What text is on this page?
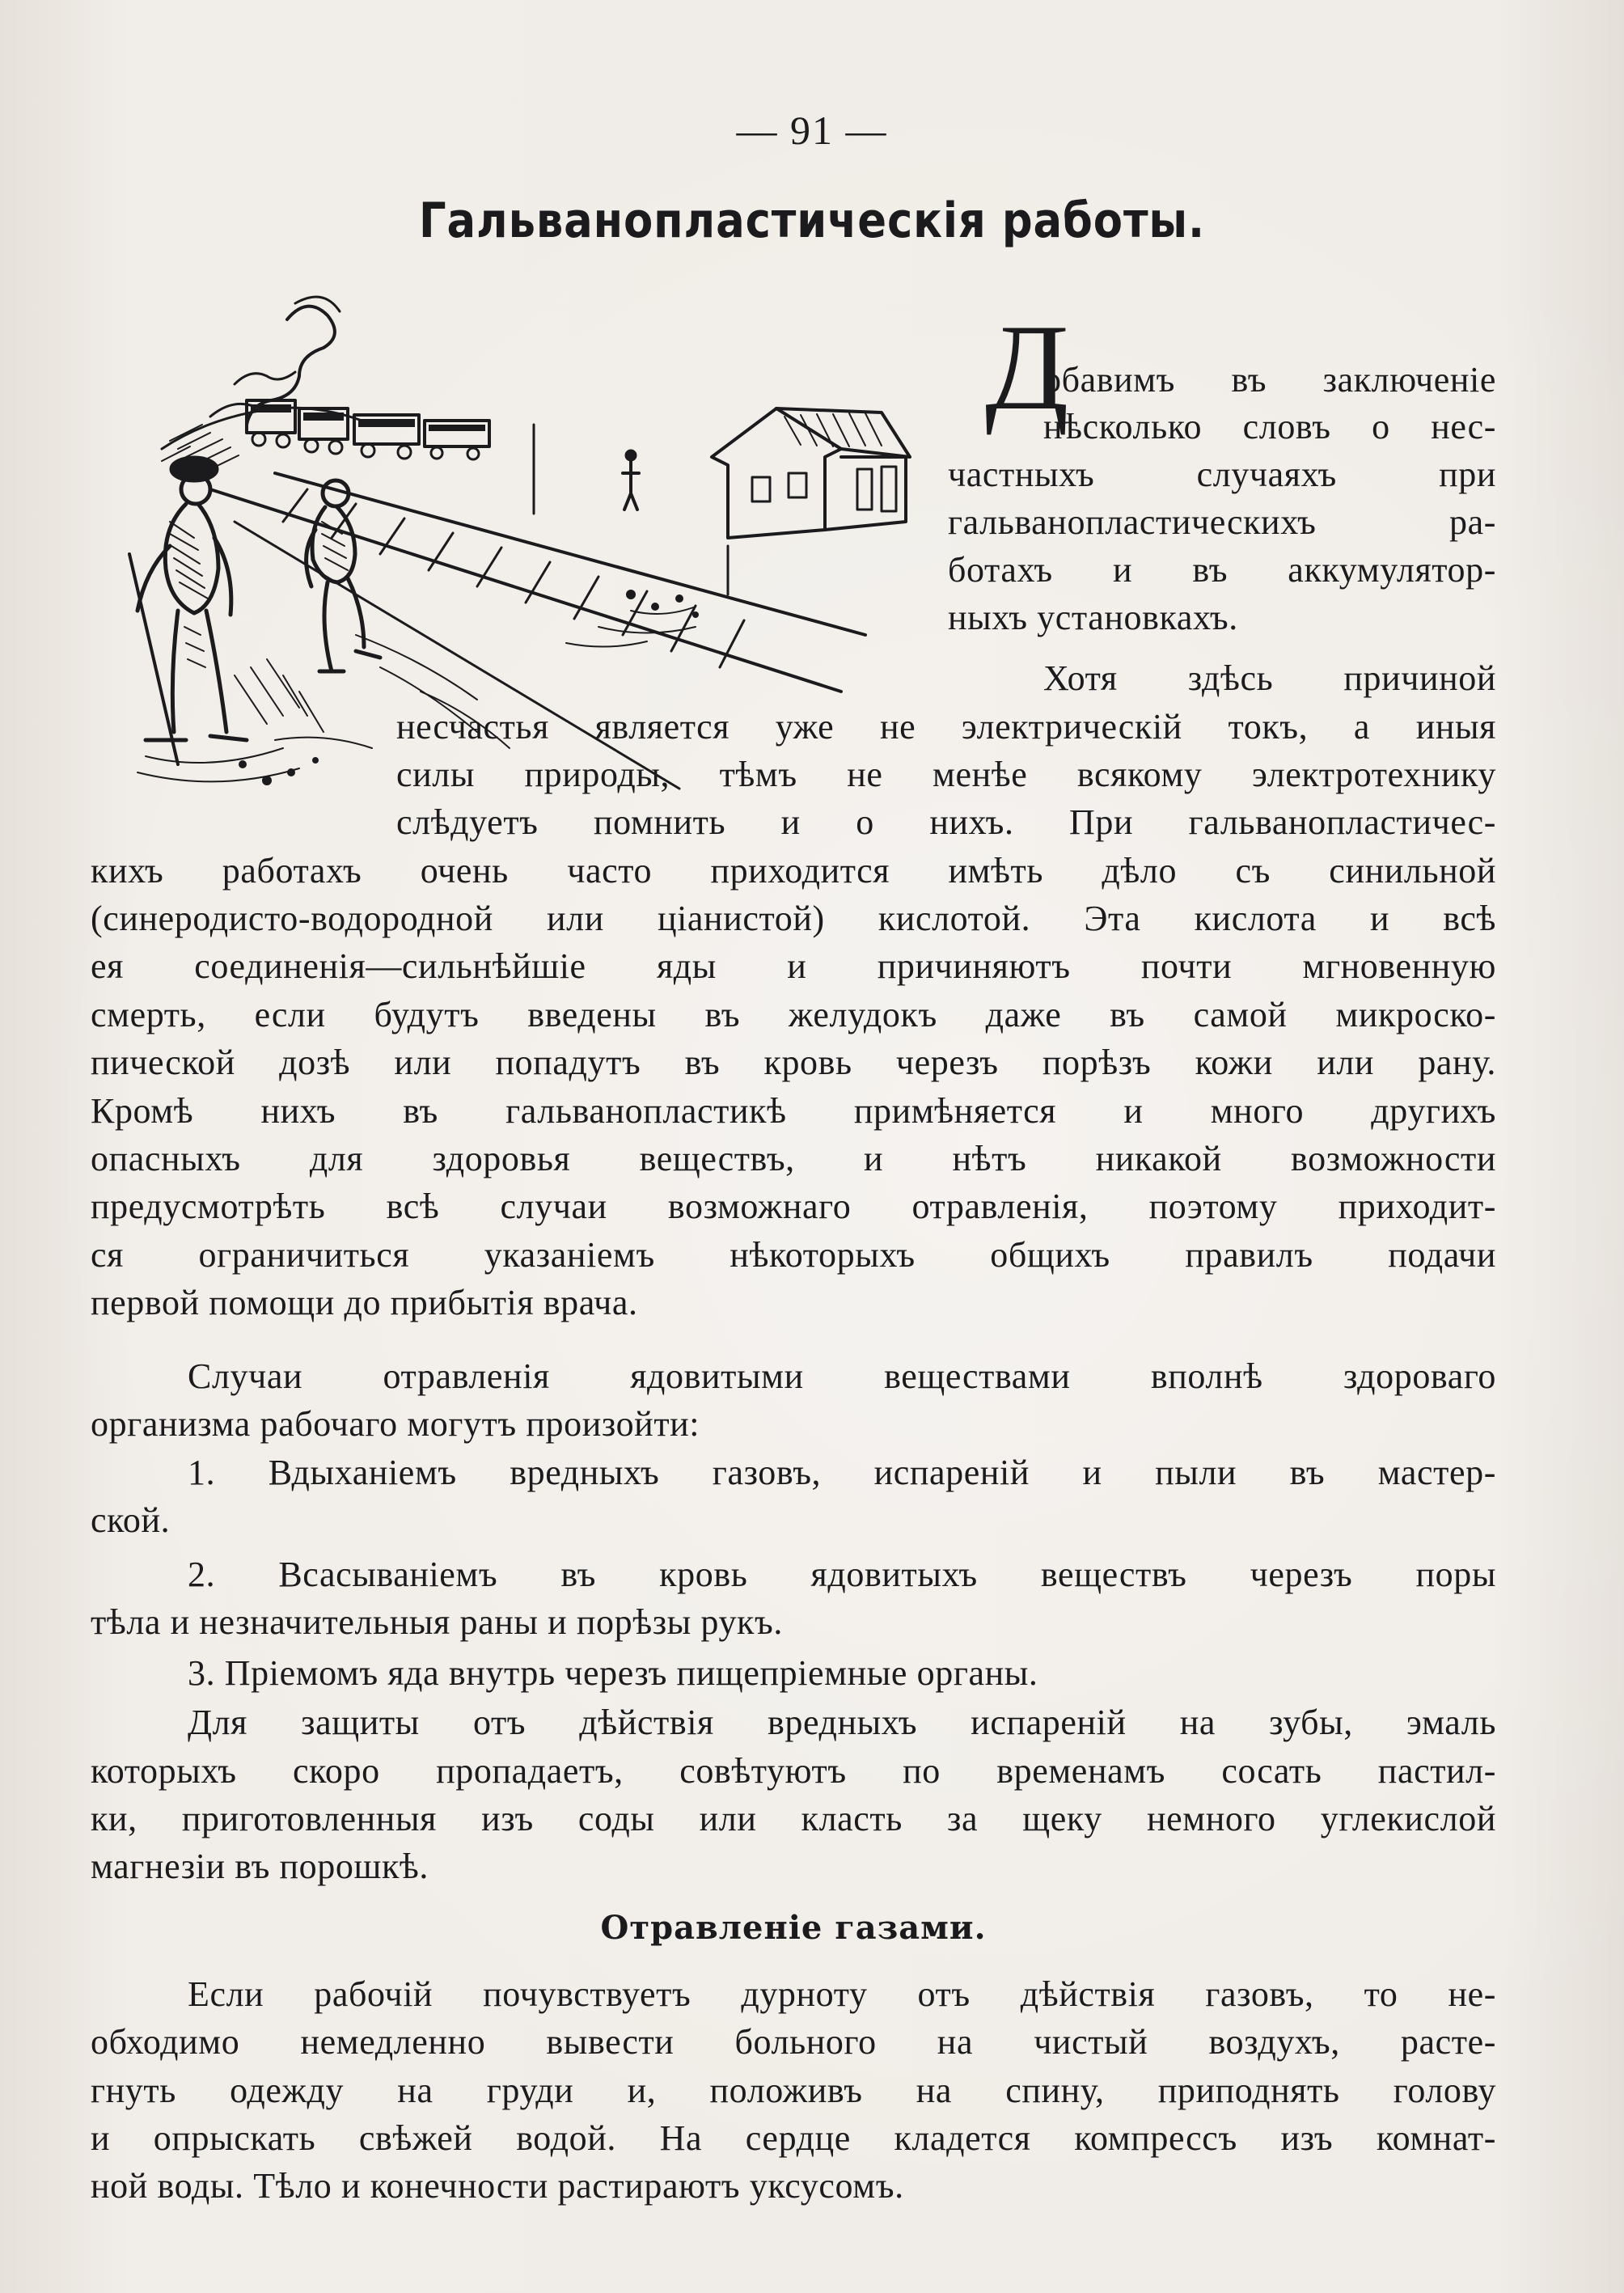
— 91 —
Гальванопластическія работы.
Д
обавимъ въ заключеніе
нѣсколько словъ о нес-
частныхъ случаяхъ при
гальванопластическихъ ра-
ботахъ и въ аккумулятор-
ныхъ установкахъ.
Хотя здѣсь причиной
несчастья является уже не электрическій токъ, а иныя
силы природы, тѣмъ не менѣе всякому электротехнику
слѣдуетъ помнить и о нихъ. При гальванопластичес-
кихъ работахъ очень часто приходится имѣть дѣло съ синильной
(синеродисто-водородной или ціанистой) кислотой. Эта кислота и всѣ
ея соединенія—сильнѣйшіе яды и причиняютъ почти мгновенную
смерть, если будутъ введены въ желудокъ даже въ самой микроско-
пической дозѣ или попадутъ въ кровь черезъ порѣзъ кожи или рану.
Кромѣ нихъ въ гальванопластикѣ примѣняется и много другихъ
опасныхъ для здоровья веществъ, и нѣтъ никакой возможности
предусмотрѣть всѣ случаи возможнаго отравленія, поэтому приходит-
ся ограничиться указаніемъ нѣкоторыхъ общихъ правилъ подачи
первой помощи до прибытія врача.
Случаи отравленія ядовитыми веществами вполнѣ здороваго
организма рабочаго могутъ произойти:
1. Вдыханіемъ вредныхъ газовъ, испареній и пыли въ мастер-
ской.
2. Всасываніемъ въ кровь ядовитыхъ веществъ черезъ поры
тѣла и незначительныя раны и порѣзы рукъ.
3. Пріемомъ яда внутрь черезъ пищепріемные органы.
Для защиты отъ дѣйствія вредныхъ испареній на зубы, эмаль
которыхъ скоро пропадаетъ, совѣтуютъ по временамъ сосать пастил-
ки, приготовленныя изъ соды или класть за щеку немного углекислой
магнезіи въ порошкѣ.
Отравленіе газами.
Если рабочій почувствуетъ дурноту отъ дѣйствія газовъ, то не-
обходимо немедленно вывести больного на чистый воздухъ, растe-
гнуть одежду на груди и, положивъ на спину, приподнять голову
и опрыскать свѣжей водой. На сердце кладется компрессъ изъ комнат-
ной воды. Тѣло и конечности растираютъ уксусомъ.
